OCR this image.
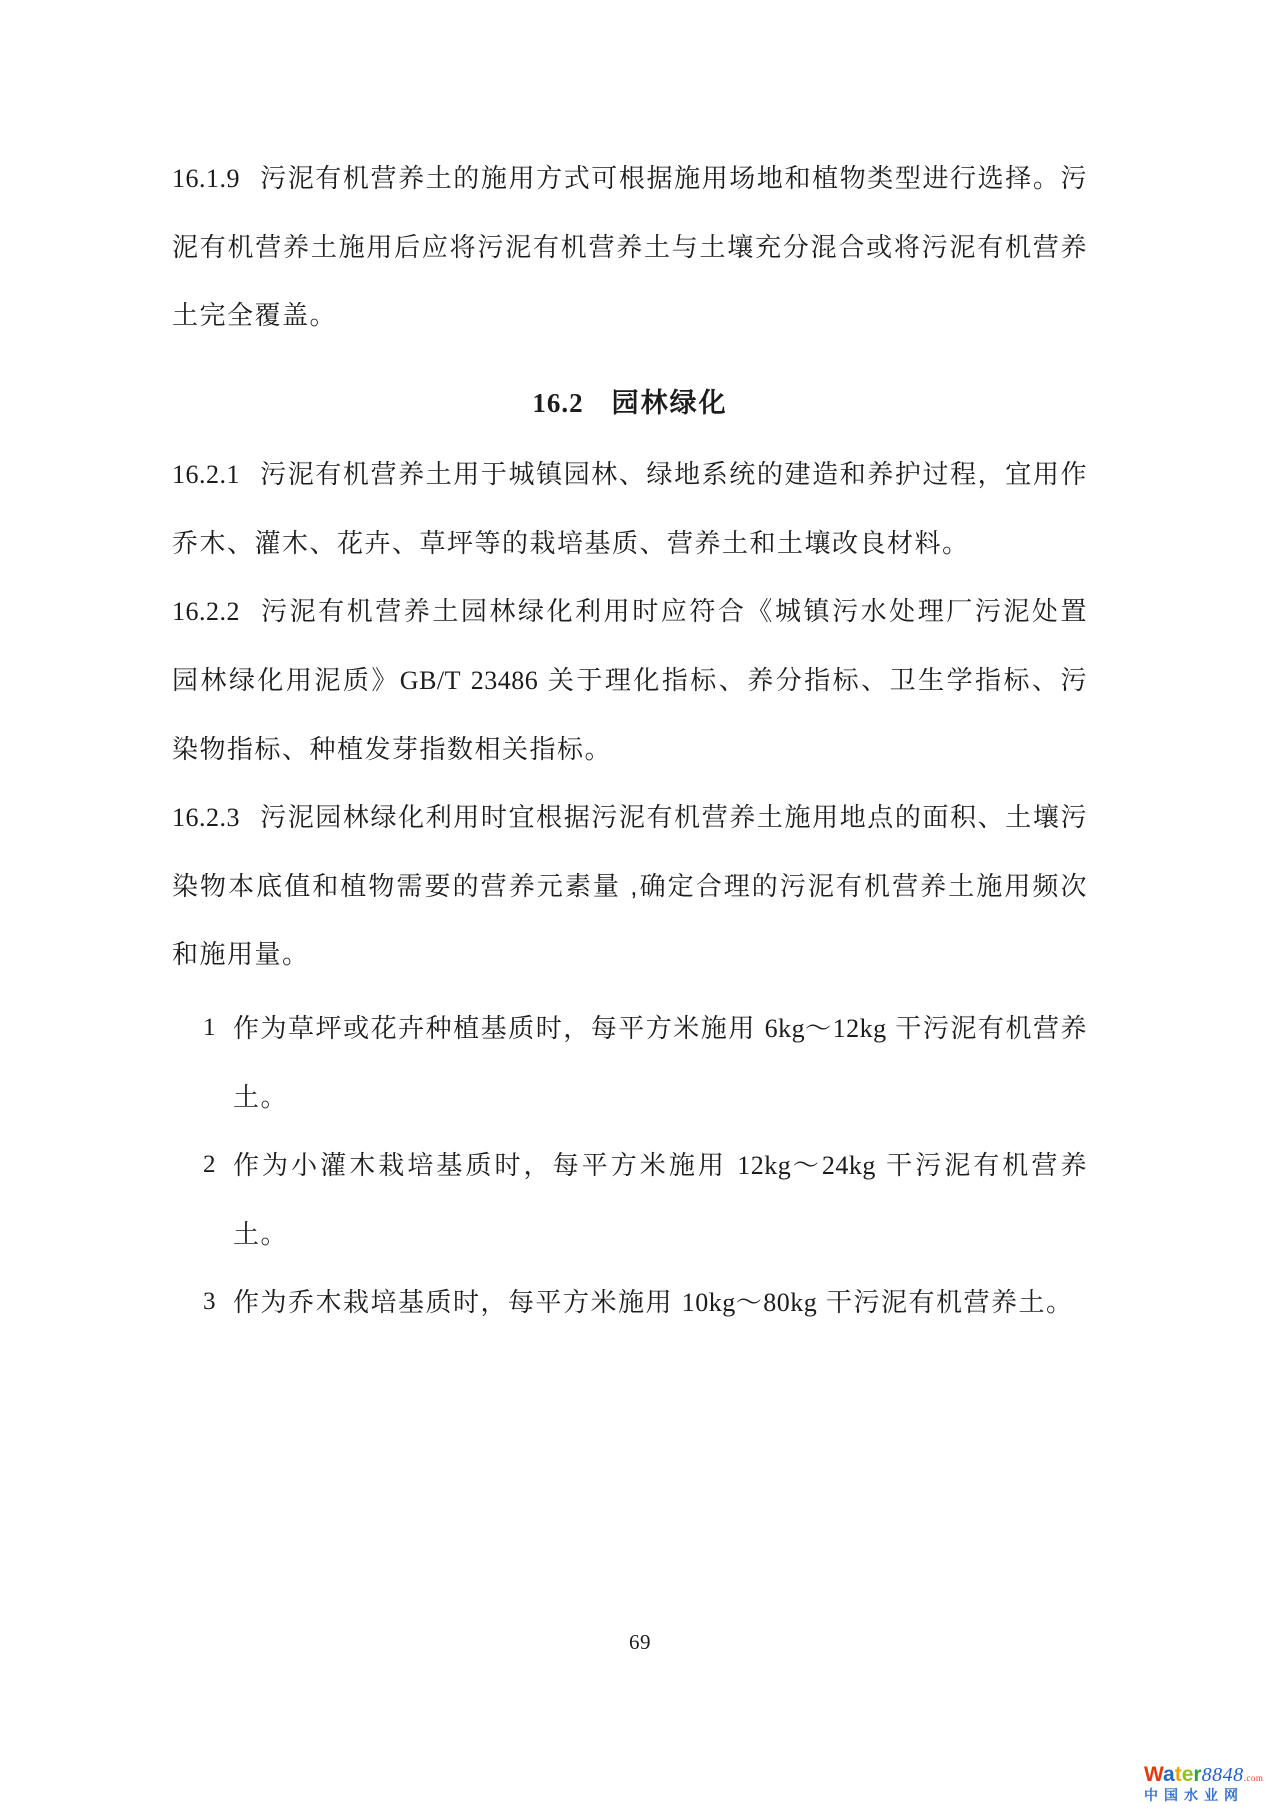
16.1.9 污泥有机营养土的施用方式可根据施用场地和植物类型进行选择。污泥有机营养土施用后应将污泥有机营养土与土壤充分混合或将污泥有机营养土完全覆盖。

16.2 园林绿化

16.2.1 污泥有机营养土用于城镇园林、绿地系统的建造和养护过程，宜用作乔木、灌木、花卉、草坪等的栽培基质、营养土和土壤改良材料。

16.2.2 污泥有机营养土园林绿化利用时应符合《城镇污水处理厂污泥处置 园林绿化用泥质》GB/T 23486 关于理化指标、养分指标、卫生学指标、污染物指标、种植发芽指数相关指标。

16.2.3 污泥园林绿化利用时宜根据污泥有机营养土施用地点的面积、土壤污染物本底值和植物需要的营养元素量 ,确定合理的污泥有机营养土施用频次和施用量。

1 作为草坪或花卉种植基质时，每平方米施用 6kg～12kg 干污泥有机营养土。
2 作为小灌木栽培基质时，每平方米施用 12kg～24kg 干污泥有机营养土。
3 作为乔木栽培基质时，每平方米施用 10kg～80kg 干污泥有机营养土。
69
Water8848.com
中国水业网
